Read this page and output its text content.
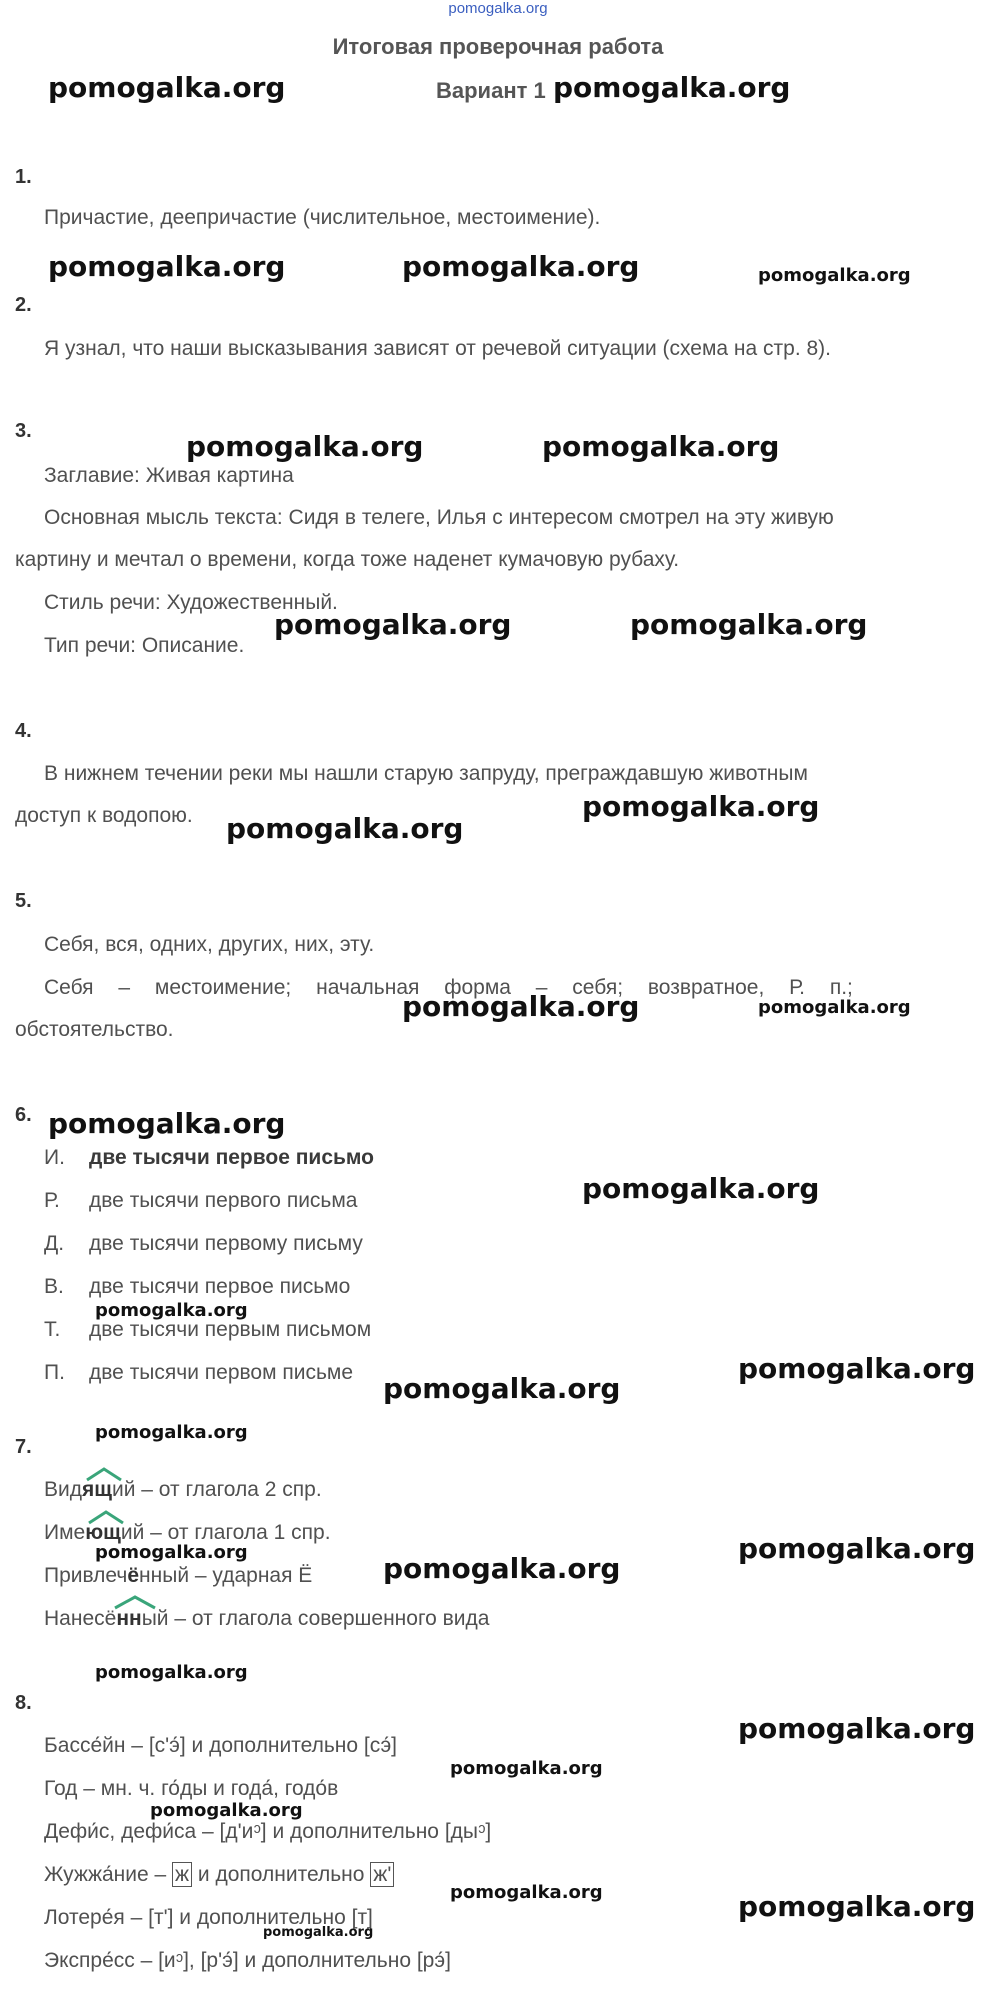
pomogalka.org
Итоговая проверочная работа
Вариант 1
1.
Причастие, деепричастие (числительное, местоимение).
2.
Я узнал, что наши высказывания зависят от речевой ситуации (схема на стр. 8).
3.
Заглавие: Живая картина
Основная мысль текста: Сидя в телеге, Илья с интересом смотрел на эту живую
картину и мечтал о времени, когда тоже наденет кумачовую рубаху.
Стиль речи: Художественный.
Тип речи: Описание.
4.
В нижнем течении реки мы нашли старую запруду, преграждавшую животным
доступ к водопою.
5.
Себя, вся, одних, других, них, эту.
Себя – местоимение; начальная форма – себя; возвратное, Р. п.;
обстоятельство.
6.
И. две тысячи первое письмо
Р. две тысячи первого письма
Д. две тысячи первому письму
В. две тысячи первое письмо
Т. две тысячи первым письмом
П. две тысячи первом письме
7.
Видящий – от глагола 2 спр.
Имеющий – от глагола 1 спр.
Привлечённый – ударная Ё
Нанесённый – от глагола совершенного вида
8.
Бассе́йн – [с'э́] и дополнительно [сэ́]
Год – мн. ч. го́ды и года́, годо́в
Дефи́с, дефи́са – [д'иᵓ] и дополнительно [дыᵓ]
Жужжа́ние – ж и дополнительно ж'
Лотере́я – [т'] и дополнительно [т]
Экспре́сс – [иᵓ], [р'э́] и дополнительно [рэ́]
pomogalka.org	pomogalka.org
pomogalka.org	pomogalka.org	pomogalka.org
pomogalka.org	pomogalka.org
pomogalka.org	pomogalka.org
pomogalka.org
pomogalka.org
pomogalka.org	pomogalka.org
pomogalka.org
pomogalka.org
pomogalka.org
pomogalka.org
pomogalka.org
pomogalka.org
pomogalka.org	pomogalka.org
pomogalka.org
pomogalka.org
pomogalka.org
pomogalka.org
pomogalka.org
pomogalka.org	pomogalka.org
pomogalka.org
